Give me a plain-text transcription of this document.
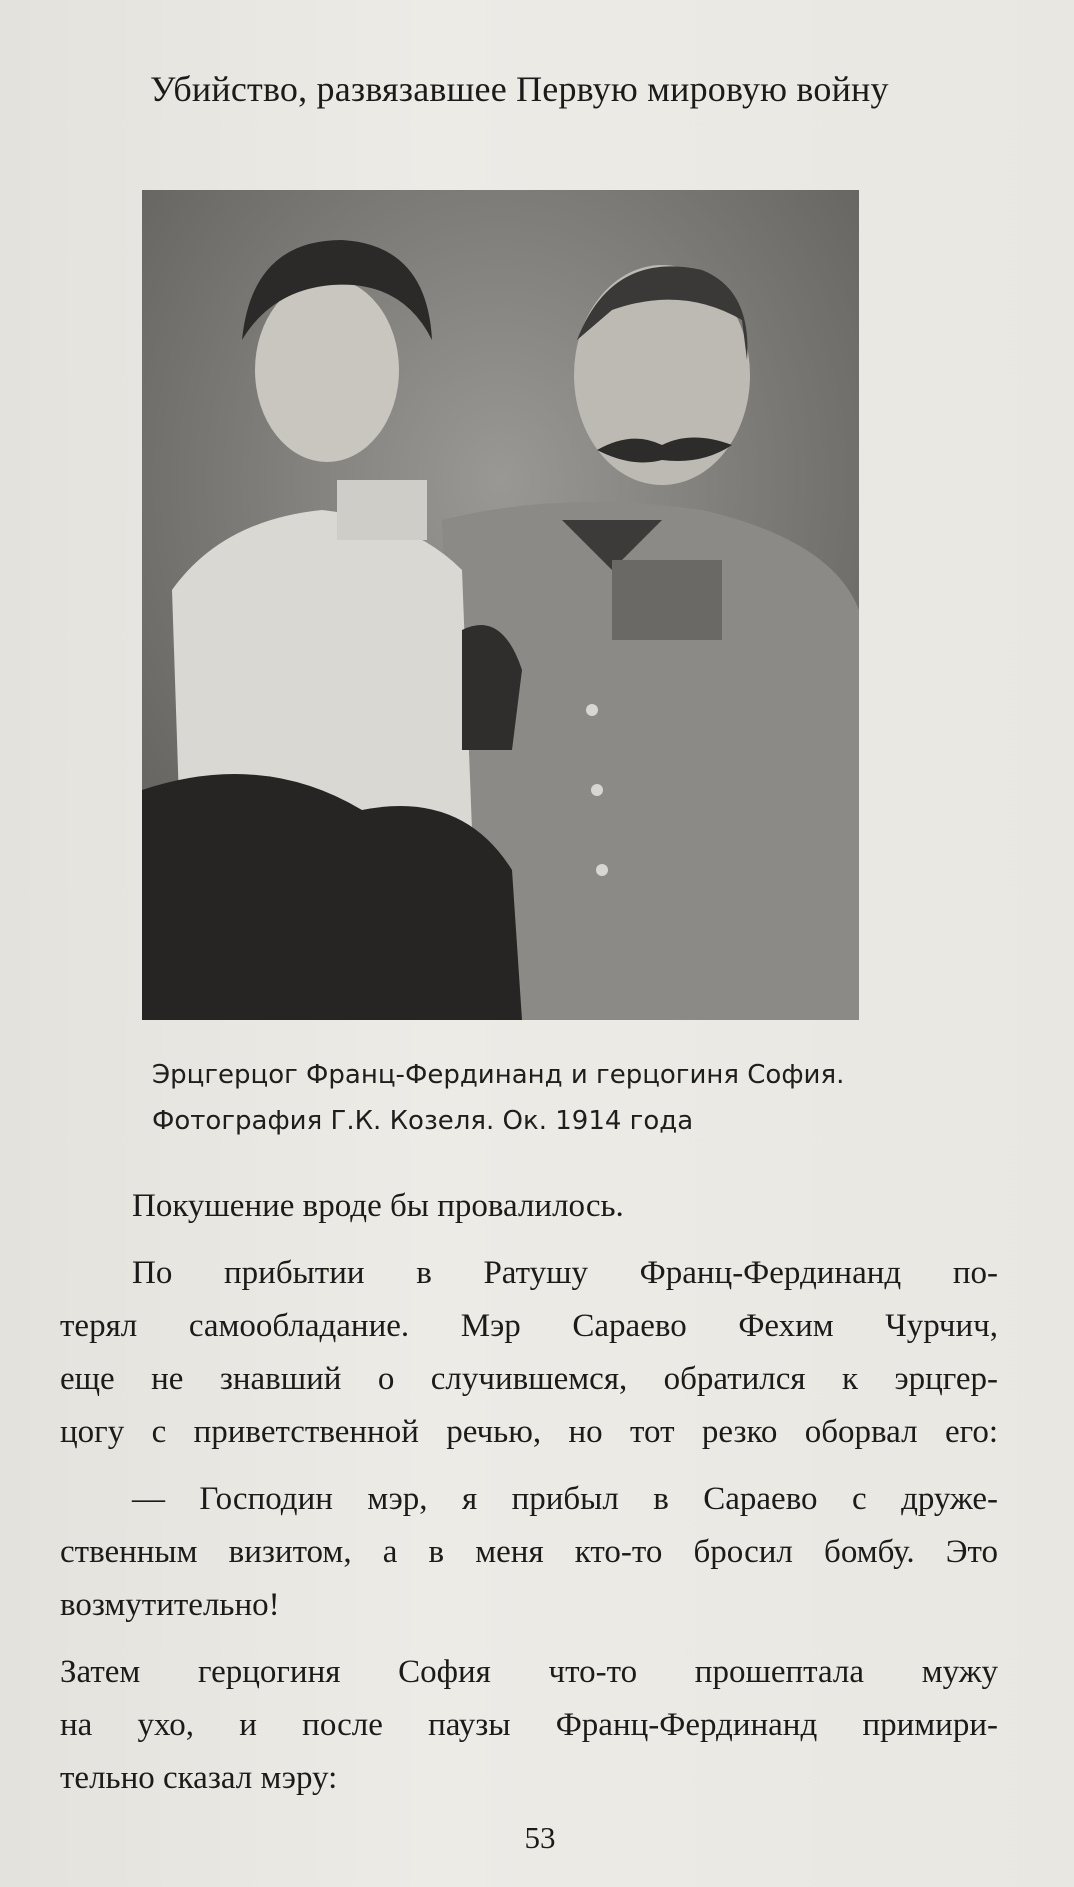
Убийство, развязавшее Первую мировую войну
Эрцгерцог Франц-Фердинанд и герцогиня София.
Фотография Г.К. Козеля. Ок. 1914 года

Покушение вроде бы провалилось.

По прибытии в Ратушу Франц-Фердинанд по-
терял самообладание. Мэр Сараево Фехим Чурчич,
еще не знавший о случившемся, обратился к эрцгер-
цогу с приветственной речью, но тот резко оборвал его:

— Господин мэр, я прибыл в Сараево с друже-
ственным визитом, а в меня кто-то бросил бомбу. Это
возмутительно!

Затем герцогиня София что-то прошептала мужу
на ухо, и после паузы Франц-Фердинанд примири-
тельно сказал мэру:

53
